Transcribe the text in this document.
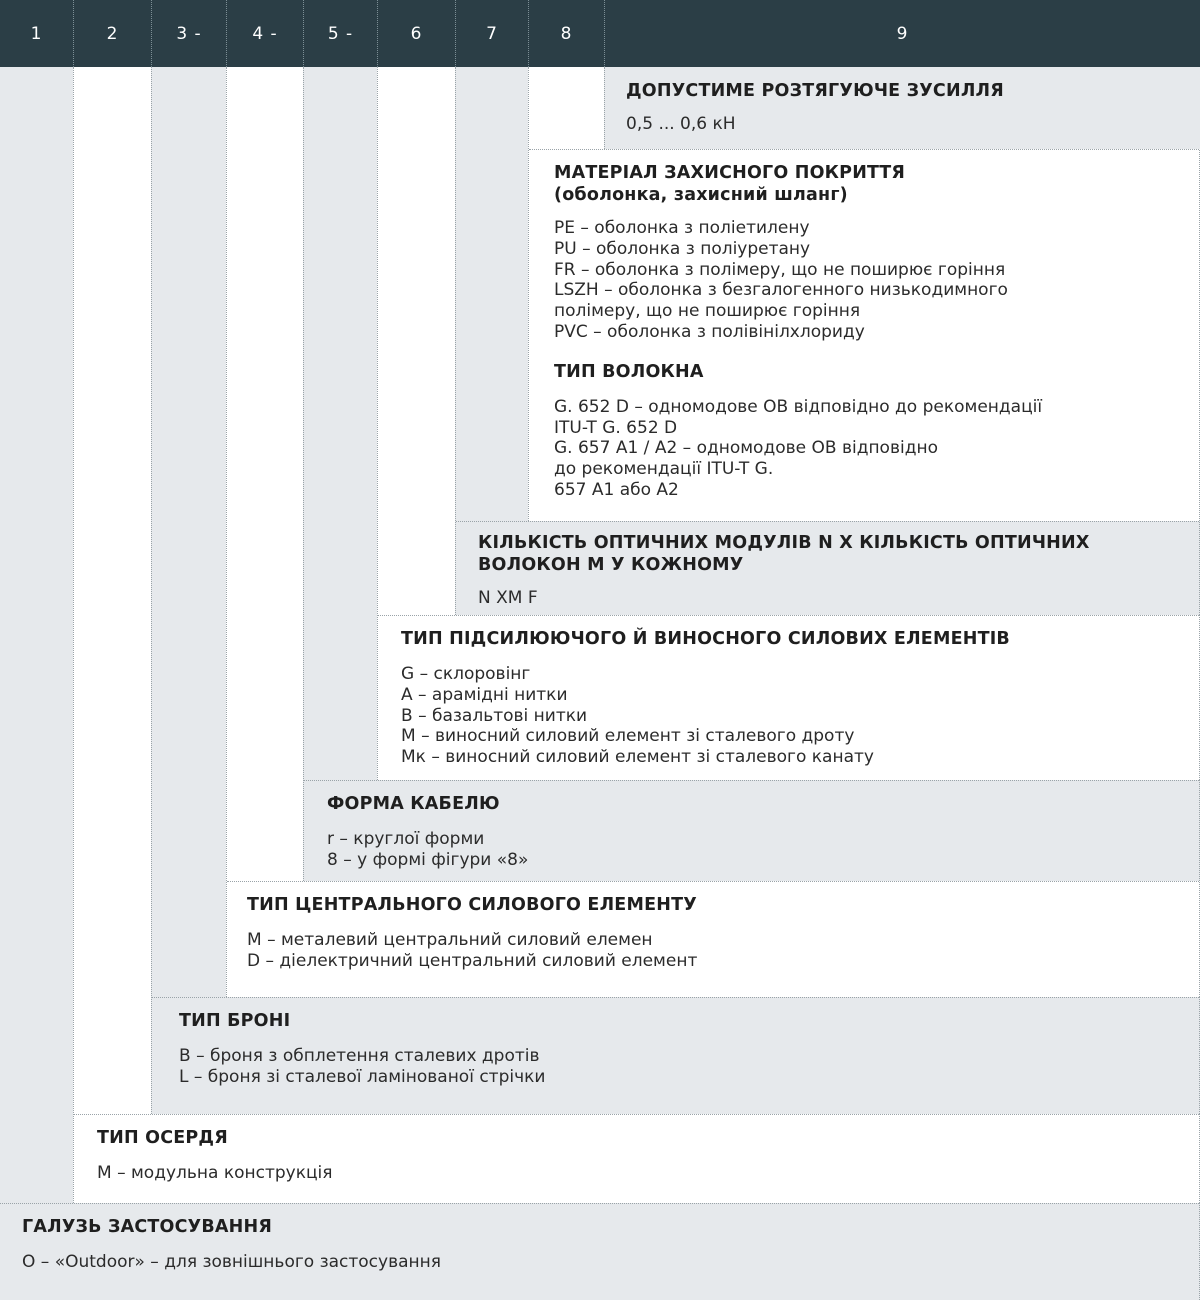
1	2	3 -	4 -	5 -	6	7	8	9
ГАЛУЗЬ ЗАСТОСУВАННЯ
O – «Outdoor» – для зовнішнього застосування
ТИП ОСЕРДЯ
M – модульна конструкція
ТИП БРОНІ
B – броня з обплетення сталевих дротів
L – броня зі сталевої ламінованої стрічки
ТИП ЦЕНТРАЛЬНОГО СИЛОВОГО ЕЛЕМЕНТУ
M – металевий центральний силовий елемен
D – діелектричний центральний силовий елемент
ФОРМА КАБЕЛЮ
r – круглої форми
8 – у формі фігури «8»
ТИП ПІДСИЛЮЮЧОГО Й ВИНОСНОГО СИЛОВИХ ЕЛЕМЕНТІВ
G – склоровінг
A – арамідні нитки
B – базальтові нитки
M – виносний силовий елемент зі сталевого дроту
Mк – виносний силовий елемент зі сталевого канату
КІЛЬКІСТЬ ОПТИЧНИХ МОДУЛІВ N X КІЛЬКІСТЬ ОПТИЧНИХ
ВОЛОКОН M У КОЖНОМУ
N XM F
МАТЕРІАЛ ЗАХИСНОГО ПОКРИТТЯ
(оболонка, захисний шланг)
PE – оболонка з поліетилену
PU – оболонка з поліуретану
FR – оболонка з полімеру, що не поширює горіння
LSZH – оболонка з безгалогенного низькодимного
полімеру, що не поширює горіння
PVC – оболонка з полівінілхлориду
ТИП ВОЛОКНА
G. 652 D – одномодове ОВ відповідно до рекомендації
ITU-T G. 652 D
G. 657 A1 / A2 – одномодове ОВ відповідно
до рекомендації ITU-T G.
657 A1 або A2
ДОПУСТИМЕ РОЗТЯГУЮЧЕ ЗУСИЛЛЯ
0,5 ... 0,6 кН
